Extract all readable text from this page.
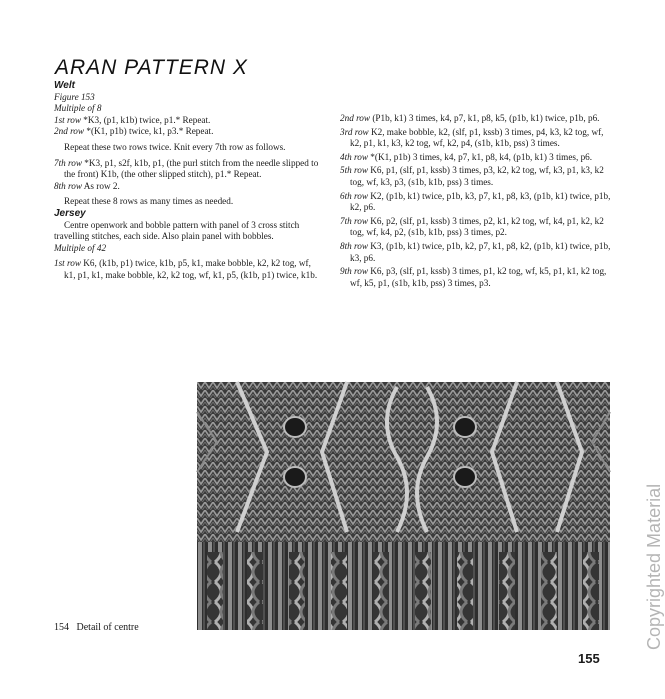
ARAN PATTERN X

Welt

Figure 153

Multiple of 8

1st row *K3, (p1, k1b) twice, p1.* Repeat.

2nd row *(K1, p1b) twice, k1, p3.* Repeat.

Repeat these two rows twice. Knit every 7th row as follows.

7th row *K3, p1, s2f, k1b, p1, (the purl stitch from the needle slipped to the front) K1b, (the other slipped stitch), p1.* Repeat.

8th row As row 2.

Repeat these 8 rows as many times as needed.

Jersey

Centre openwork and bobble pattern with panel of 3 cross stitch travelling stitches, each side. Also plain panel with bobbles.

Multiple of 42

1st row K6, (k1b, p1) twice, k1b, p5, k1, make bobble, k2, k2 tog, wf, k1, p1, k1, make bobble, k2, k2 tog, wf, k1, p5, (k1b, p1) twice, k1b.

2nd row (P1b, k1) 3 times, k4, p7, k1, p8, k5, (p1b, k1) twice, p1b, p6.

3rd row K2, make bobble, k2, (slf, p1, kssb) 3 times, p4, k3, k2 tog, wf, k2, p1, k1, k3, k2 tog, wf, k2, p4, (s1b, k1b, pss) 3 times.

4th row *(K1, p1b) 3 times, k4, p7, k1, p8, k4, (p1b, k1) 3 times, p6.

5th row K6, p1, (slf, p1, kssb) 3 times, p3, k2, k2 tog, wf, k3, p1, k3, k2 tog, wf, k3, p3, (s1b, k1b, pss) 3 times.

6th row K2, (p1b, k1) twice, p1b, k3, p7, k1, p8, k3, (p1b, k1) twice, p1b, k2, p6.

7th row K6, p2, (slf, p1, kssb) 3 times, p2, k1, k2 tog, wf, k4, p1, k2, k2 tog, wf, k4, p2, (s1b, k1b, pss) 3 times, p2.

8th row K3, (p1b, k1) twice, p1b, k2, p7, k1, p8, k2, (p1b, k1) twice, p1b, k3, p6.

9th row K6, p3, (slf, p1, kssb) 3 times, p1, k2 tog, wf, k5, p1, k1, k2 tog, wf, k5, p1, (s1b, k1b, pss) 3 times, p3.

154   Detail of centre
155
Copyrighted Material
